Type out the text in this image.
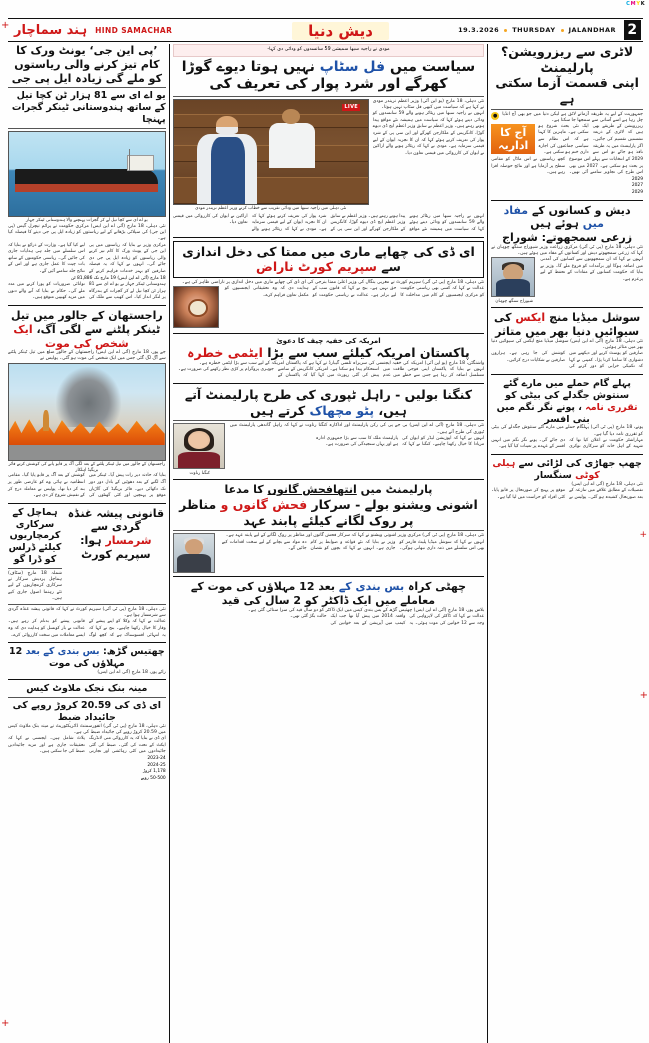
C M Y K
+
+
+
+
ہند سماچار HIND SAMACHAR	دیش دنیا	19.3.2026 THURSDAY JALANDHAR 2
’پی این جی‘ یونٹ ورک کا کام تیز کرنے والی ریاستوں کو ملے گی زیادہ ایل پی جی
یو اے ای سے 81 ہزار ٹن کچا تیل کے ساتھ ہندوستانی ٹینکر گجرات پہنچا
یو اے ای سے کچا تیل لے کر گجرات پہنچنے والا ہندوستانی ٹینکر جہاز
نئی دہلی، 18 مارچ (آئی اے این ایس) مرکزی حکومت نے پرائم نیچرل گیس (پی این جی) کی سپلائی بڑھانے کے لیے ریاستوں کو زیادہ ایل پی جی دینے کا فیصلہ کیا ہے۔
مرکزی وزیر نے بتایا کہ ریاستوں میں پی این جی کے یونٹ ورک کا کام تیز کرنے والی ریاستوں کو زیادہ ایل پی جی دی جائے گی۔ انہوں نے کہا کہ یہ فیصلہ صارفین کو بہتر خدمات فراہم کرنے کے لیے کیا گیا ہے۔ وزارت کے ذرائع نے بتایا کہ اس سلسلے میں جلد ہی ہدایات جاری کی جائیں گی۔ ریاستی حکومتوں کے ساتھ بات چیت کا عمل جاری ہے اور اس کے نتائج جلد سامنے آئیں گے۔
18 مارچ (آئی اے این ایس) 19 مارچ تک 81,886 ٹن
ہندوستانی ٹینکر جہاز نے یو اے ای سے 81 ہزار ٹن کچا تیل لے کر گجرات کے بندرگاہ پر لنگر انداز کیا۔ اس کھیپ سے ملک کی توانائی ضروریات کو پورا کرنے میں مدد ملے گی۔ حکام نے بتایا کہ آنے والے دنوں میں مزید کھیپیں متوقع ہیں۔
راجستھان کے جالور میں تیل ٹینکر پلٹنے سے لگی آگ، ایک شخص کی موت
جے پور، 18 مارچ (آئی اے این ایس) راجستھان کے جالور ضلع میں تیل ٹینکر پلٹنے سے آگ لگ گئی جس میں ایک شخص کی موت ہو گئی۔ پولیس نے
راجستھان کے جالور میں تیل ٹینکر پلٹنے کے بعد لگی آگ پر قابو پانے کی کوشش کرتے فائر بریگیڈ اہلکار
بتایا کہ حادثہ دیر رات پیش آیا۔ ٹینکر میں آگ لگنے کے بعد دھوئیں کے بادل دور دور تک دکھائی دیے۔ فائر بریگیڈ کی گاڑیاں موقع پر پہنچیں اور کئی گھنٹوں کی کوشش کے بعد آگ پر قابو پایا گیا۔ مقامی انتظامیہ نے ہائی وے کو عارضی طور پر بند کر دیا تھا۔ پولیس نے معاملہ درج کر کے تفتیش شروع کر دی ہے۔
ہماچل کے سرکاری کرمچاریوں کیلئے ڈرلس کو ڈرا گو
شملہ 18 مارچ (سٹاف) ہماچل پردیش سرکار نے سرکاری کرمچاریوں کے لیے نئے رہنما اصول جاری کیے ہیں۔
قانونی پیشہ غنڈہ گردی سے شرمسار ہوا: سپریم کورٹ
نئی دہلی، 18 مارچ (پی ٹی آئی) سپریم کورٹ نے کہا کہ قانونی پیشہ غنڈہ گردی سے شرمسار ہوا ہے۔
عدالت نے کہا کہ وکلا کو اپنے پیشے کے وقار کا خیال رکھنا چاہیے۔ بنچ نے کہا کہ یہ انتہائی افسوسناک ہے کہ کچھ لوگ قانونی پیشے کو بدنام کر رہے ہیں۔ عدالت نے بار کونسل کو ہدایت دی کہ وہ ایسے معاملات میں سخت کارروائی کرے۔
چھتیس گڑھ: بس بندی کے بعد 12 مہلاؤں کی موت
رائے پور، 18 مارچ (آئی اے این ایس)
مینہ بنک نجک ملاوٹ کیس
ای ڈی کی 20.59 کروڑ روپے کی جائیداد ضبط
نئی دہلی، 18 مارچ (پی ٹی آئی) انفورسمنٹ ڈائریکٹوریٹ نے مینہ بنک ملاوٹ کیس میں 20.59 کروڑ روپے کی جائیداد ضبط کی ہے۔
ای ڈی نے بتایا کہ یہ کارروائی منی لانڈرنگ ایکٹ کے تحت کی گئی۔ ضبط کی گئی جائیدادوں میں کئی رہائشی اور تجارتی پلاٹ شامل ہیں۔ ایجنسی نے کہا کہ تحقیقات جاری ہے اور مزید جائیدادیں ضبط کی جا سکتی ہیں۔
2023-24
2024-25
1,178 کروڑ
50-500 روپے
مودی نے راجیہ سبھا سمیشن 59 سانسدوں کو ودائی دی کہا-
سیاست میں فل سٹاپ نہیں ہوتا دیوے گوڑا کھرگے اور شرد پوار کی تعریف کی
LIVE
نئی دہلی میں راجیہ سبھا میں ودائی تقریب سے خطاب کرتے وزیر اعظم نریندر مودی
نئی دہلی، 18 مارچ (یو این آئی) وزیر اعظم نریندر مودی نے کہا ہے کہ سیاست میں کبھی فل سٹاپ نہیں ہوتا۔
انہوں نے راجیہ سبھا میں ریٹائر ہونے والے 59 سانسدوں کو ودائی دیتے ہوئے کہا کہ سیاست میں ہمیشہ نئے مواقع پیدا ہوتے رہتے ہیں۔ وزیر اعظم نے سابق وزیر اعظم ایچ ڈی دیوے گوڑا، کانگریس کے ملکارجن کھرگے اور این سی پی کے شرد پوار کی تعریف کرتے ہوئے کہا کہ ان کا تجربہ ایوان کے لیے قیمتی سرمایہ ہے۔ مودی نے کہا کہ ریٹائر ہونے والے اراکین نے ایوان کی کارروائی میں قیمتی تعاون دیا۔
انہوں نے راجیہ سبھا میں ریٹائر ہونے والے 59 سانسدوں کو ودائی دیتے ہوئے کہا کہ سیاست میں ہمیشہ نئے مواقع پیدا ہوتے رہتے ہیں۔ وزیر اعظم نے سابق وزیر اعظم ایچ ڈی دیوے گوڑا، کانگریس کے ملکارجن کھرگے اور این سی پی کے شرد پوار کی تعریف کرتے ہوئے کہا کہ ان کا تجربہ ایوان کے لیے قیمتی سرمایہ ہے۔ مودی نے کہا کہ ریٹائر ہونے والے اراکین نے ایوان کی کارروائی میں قیمتی تعاون دیا۔
ای ڈی کی چھاپے ماری میں ممتا کی دخل اندازی سے سپریم کورٹ ناراض
نئی دہلی، 18 مارچ (پی ٹی آئی) سپریم کورٹ نے مغربی بنگال کی وزیر اعلیٰ ممتا بنرجی کی ای ڈی کی چھاپے ماری میں دخل اندازی پر ناراضی ظاہر کی ہے۔
عدالت نے کہا کہ کسی بھی ریاستی حکومت کو مرکزی ایجنسیوں کے کام میں مداخلت کا حق نہیں ہے۔ بنچ نے کہا کہ قانون سب کے لیے برابر ہے۔ عدالت نے ریاستی حکومت کو ہدایت دی کہ وہ تحقیقاتی ایجنسیوں کو مکمل تعاون فراہم کرے۔
امریکہ کی خفیہ چیف کا دعویٰ
پاکستان امریکہ کیلئے سب سے بڑا ایٹمی خطرہ
واشنگٹن، 18 مارچ (یو این آئی) امریکہ کی خفیہ ایجنسی کی سربراہ تلسی گیبارڈ نے کہا ہے کہ پاکستان امریکہ کے لیے سب سے بڑا ایٹمی خطرہ ہے۔
انہوں نے بتایا کہ پاکستان اپنی فوجی طاقت میں مسلسل اضافہ کر رہا ہے جس سے خطے میں عدم استحکام پیدا ہو سکتا ہے۔ امریکی کانگریس کے سامنے پیش کی گئی رپورٹ میں کہا گیا کہ پاکستان کے جوہری پروگرام پر کڑی نظر رکھنے کی ضرورت ہے۔
کنگنا بولیں - راہل ٹپوری کی طرح پارلیمنٹ آتے ہیں، پٹو مچھاک کرتے ہیں
کنگنا رناوت
نئی دہلی، 18 مارچ (آئی اے این ایس) بی جے پی کی رکن پارلیمنٹ اور اداکارہ کنگنا رناوت نے کہا کہ راہل گاندھی پارلیمنٹ میں ٹپوری کی طرح آتے ہیں۔
انہوں نے کہا کہ اپوزیشن لیڈر کو ایوان کی مریادا کا خیال رکھنا چاہیے۔ کنگنا نے کہا کہ پارلیمنٹ ملک کا سب سے بڑا جمہوری ادارہ ہے اور یہاں سنجیدگی کی ضرورت ہے۔
پارلیمنٹ میں انتھافحش گانوں کا مدعا
اشونی ویشنو بولے - سرکار فحش گانوں و مناظر پر روک لگانے کیلئے پابند عہد
نئی دہلی، 18 مارچ (پی ٹی آئی) مرکزی وزیر اشونی ویشنو نے کہا کہ سرکار فحش گانوں اور مناظر پر روک لگانے کے لیے پابند عہد ہے۔
انہوں نے کہا کہ سوشل میڈیا پلیٹ فارمز کو بھی اس سلسلے میں ذمہ داری نبھانی ہوگی۔ وزیر نے بتایا کہ نئے قواعد و ضوابط پر کام جاری ہے۔ انہوں نے کہا کہ بچوں کو نقصان دہ مواد سے بچانے کے لیے سخت اقدامات کیے جائیں گے۔
چھٹی کراہ بس بندی کے بعد 12 مہلاؤں کی موت کے معاملے میں ایک ڈاکٹر کو 2 سال کی قید
بلاس پور، 18 مارچ (آئی اے این ایس) چھتیس گڑھ کے بس بندی کیس میں ایک ڈاکٹر کو دو سال قید کی سزا سنائی گئی ہے۔
عدالت نے کہا کہ ڈاکٹر کی لاپرواہی کی وجہ سے 12 خواتین کی موت ہوئی۔ یہ واقعہ 2014 میں پیش آیا تھا جب ایک کیمپ میں آپریشن کے بعد خواتین کی حالت بگڑ گئی تھی۔
لاٹری سے ریزرویشن؟ پارلیمنٹ
اپنی قسمت آزما سکتی ہے
●	جمہوریت کے لیے یہ طریقہ آزمانے لائق ہے لیکن دنیا میں جو بھی آج انڈیا چل رہا ہے اسے آسانی سے سمجھا جا سکتا ہے۔
آج کا اداریہ
ریزرویشن کے طریقے بھی ہیں کہ لاٹری کے ذریعہ نشستیں تقسیم کی جائیں۔ اگر پارلیمنٹ میں یہ طریقہ نافذ ہو جائے تو اس سے ایک نئی بحث شروع ہو سکتی ہے۔ ماہرین کا کہنا ہے کہ اس نظام سے سیاسی جماعتوں کی اجارہ داری ختم ہو سکتی ہے۔
2029 کے انتخابات سے پہلے اس موضوع پر بحث ہو سکتی ہے۔ 2027 میں بھی اس طرح کی تجاویز سامنے آئی تھیں۔ کچھ ریاستوں نے اس ماڈل کو مقامی سطح پر آزمایا ہے اور نتائج حوصلہ افزا رہے ہیں۔
2029
2027
2029
دیش و کسانوں کے مفاد میں ہوئے ہیں
زرعی سمجھوتے: شوراج
نئی دہلی، 18 مارچ (پی ٹی آئی) مرکزی زراعت وزیر شیوراج سنگھ چوہان نے کہا کہ زرعی سمجھوتے دیش اور کسانوں کے مفاد میں ہوئے ہیں۔
شیوراج سنگھ چوہان
انہوں نے کہا کہ ان سمجھوتوں سے کسانوں کی آمدنی میں اضافہ ہوگا اور برآمدات کو فروغ ملے گا۔ وزیر نے بتایا کہ حکومت کسانوں کے مفادات کے تحفظ کے لیے پرعزم ہے۔
سوشل میڈیا منچ ایکس کی
سیوائیں دنیا بھر میں متاثر
نئی دہلی، 18 مارچ (آئی اے این ایس) سوشل میڈیا منچ ایکس کی سیوائیں دنیا بھر میں متاثر ہوئیں۔
صارفین کو پوسٹ کرنے اور دیکھنے میں دشواری کا سامنا کرنا پڑا۔ کمپنی نے کہا کہ تکنیکی خرابی کو دور کرنے کی کوشش کی جا رہی ہے۔ ہزاروں صارفین نے شکایات درج کرائیں۔
پہلے گام حملے میں مارے گئے سنتوش جگدلے کی بیٹی کو تقرری نامہ ، پونے نگر نگم میں بنی افسر
پونے، 18 مارچ (پی ٹی آئی) پہلگام حملے میں مارے گئے سنتوش جگدلے کی بیٹی کو تقرری نامہ دیا گیا ہے۔
مہاراشٹر حکومت نے اعلان کیا تھا کہ شہید کے اہل خانہ کو سرکاری نوکری دی جائے گی۔ پونے نگر نگم میں انہیں افسر کے عہدے پر تعینات کیا گیا ہے۔
چھپ جھاڑی کی لڑائی سے ہیلی کوٹی سنگسار
نئی دہلی، 18 مارچ (آئی اے این ایس)
تفصیلات کے مطابق علاقے میں تنازعہ کے بعد صورتحال کشیدہ ہو گئی۔ پولیس نے موقع پر پہنچ کر صورتحال پر قابو پایا۔ کئی افراد کو حراست میں لیا گیا ہے۔
